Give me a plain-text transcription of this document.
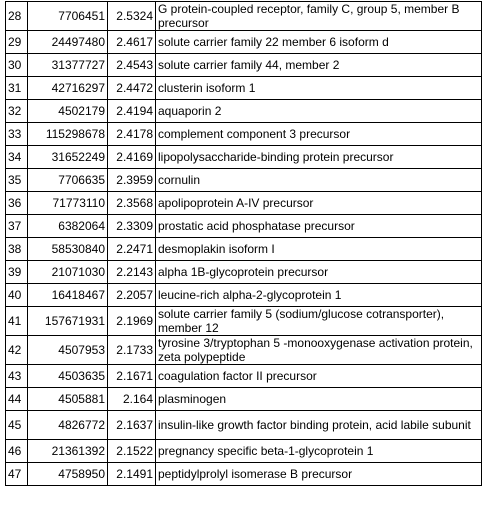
28	7706451	2.5324	G protein-coupled receptor, family C, group 5, member B precursor
29	24497480	2.4617	solute carrier family 22 member 6 isoform d
30	31377727	2.4543	solute carrier family 44, member 2
31	42716297	2.4472	clusterin isoform 1
32	4502179	2.4194	aquaporin 2
33	115298678	2.4178	complement component 3 precursor
34	31652249	2.4169	lipopolysaccharide-binding protein precursor
35	7706635	2.3959	cornulin
36	71773110	2.3568	apolipoprotein A-IV precursor
37	6382064	2.3309	prostatic acid phosphatase precursor
38	58530840	2.2471	desmoplakin isoform I
39	21071030	2.2143	alpha 1B-glycoprotein precursor
40	16418467	2.2057	leucine-rich alpha-2-glycoprotein 1
41	157671931	2.1969	solute carrier family 5 (sodium/glucose cotransporter), member 12
42	4507953	2.1733	tyrosine 3/tryptophan 5 -monooxygenase activation protein, zeta polypeptide
43	4503635	2.1671	coagulation factor II precursor
44	4505881	2.164	plasminogen
45	4826772	2.1637	insulin-like growth factor binding protein, acid labile subunit
46	21361392	2.1522	pregnancy specific beta-1-glycoprotein 1
47	4758950	2.1491	peptidylprolyl isomerase B precursor
